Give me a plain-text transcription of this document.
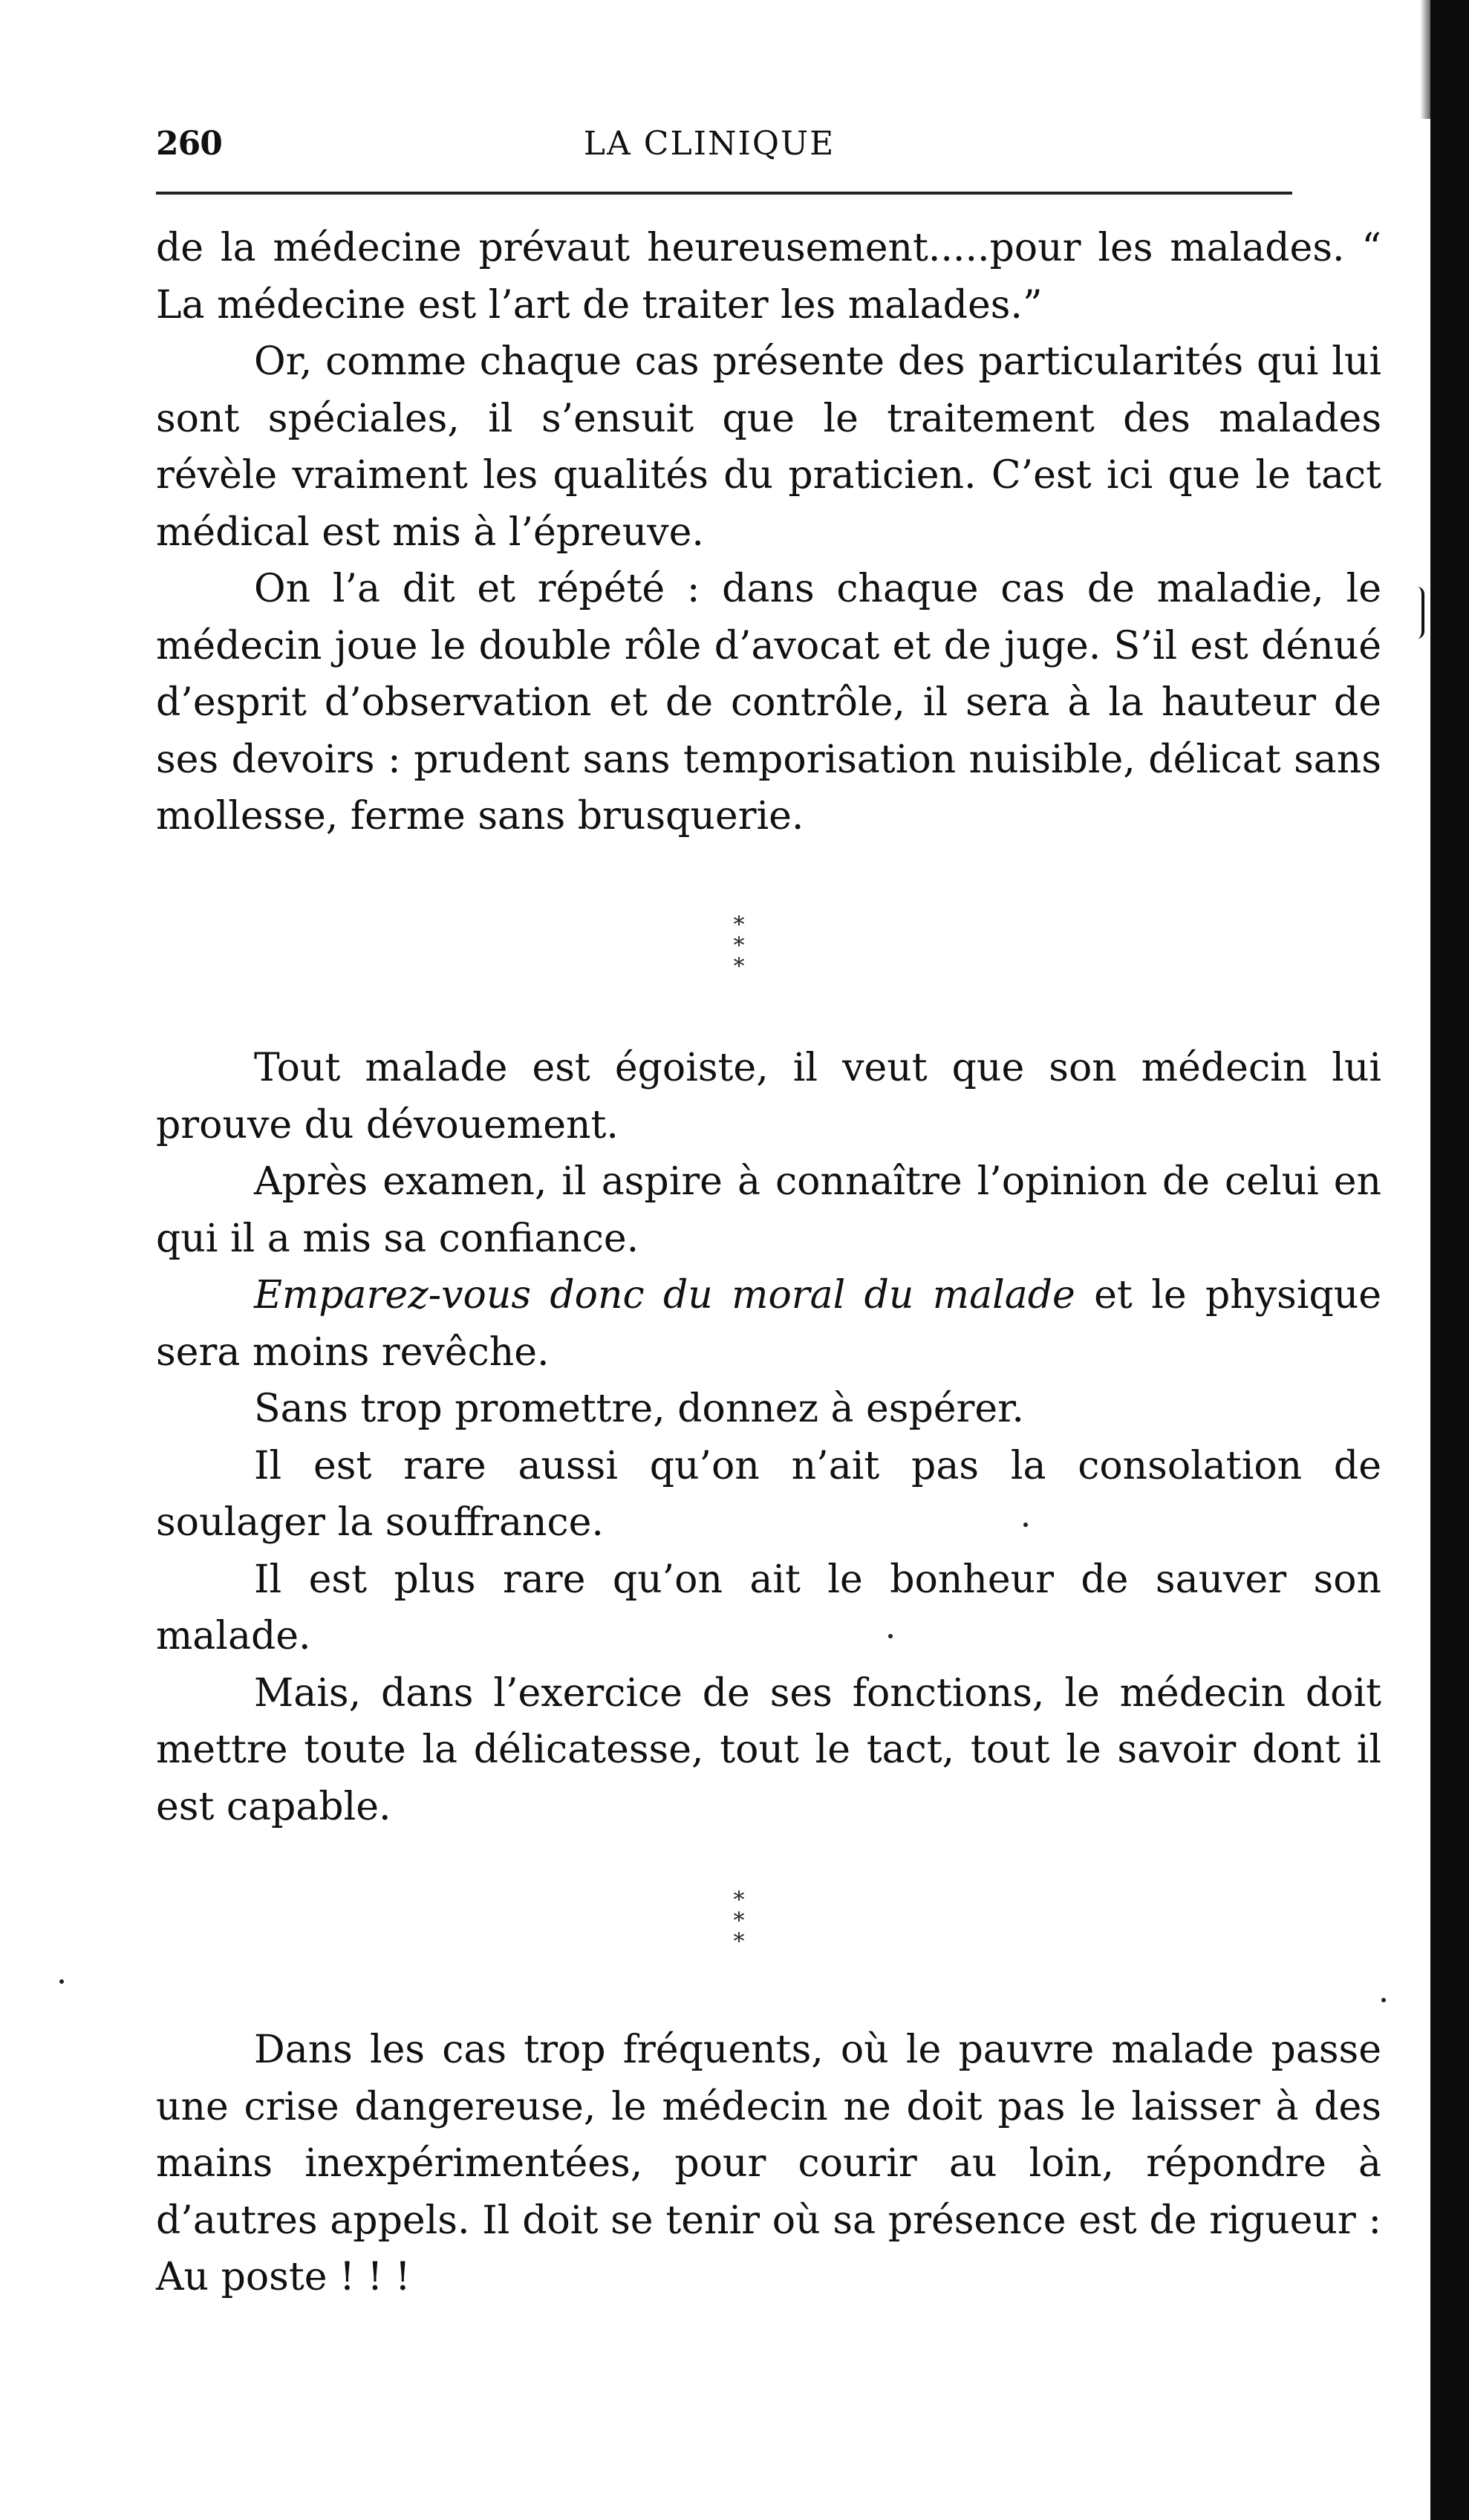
260	LA CLINIQUE

de la médecine prévaut heureusement.....pour les malades. “ La médecine est l’art de traiter les malades.”

Or, comme chaque cas présente des particularités qui lui sont spéciales, il s’ensuit que le traitement des malades révèle vraiment les qualités du praticien. C’est ici que le tact médical est mis à l’épreuve.

On l’a dit et répété : dans chaque cas de maladie, le médecin joue le double rôle d’avocat et de juge. S’il est dénué d’esprit d’observation et de contrôle, il sera à la hauteur de ses devoirs : prudent sans temporisation nuisible, délicat sans mollesse, ferme sans brusquerie.

*
* *

Tout malade est égoiste, il veut que son médecin lui prouve du dévouement.

Après examen, il aspire à connaître l’opinion de celui en qui il a mis sa confiance.

Emparez-vous donc du moral du malade et le physique sera moins revêche.

Sans trop promettre, donnez à espérer.

Il est rare aussi qu’on n’ait pas la consolation de soulager la souffrance.

Il est plus rare qu’on ait le bonheur de sauver son malade.

Mais, dans l’exercice de ses fonctions, le médecin doit mettre toute la délicatesse, tout le tact, tout le savoir dont il est capable.

*
* *

Dans les cas trop fréquents, où le pauvre malade passe une crise dangereuse, le médecin ne doit pas le laisser à des mains inexpérimentées, pour courir au loin, répondre à d’autres appels. Il doit se tenir où sa présence est de rigueur : Au poste ! ! !
